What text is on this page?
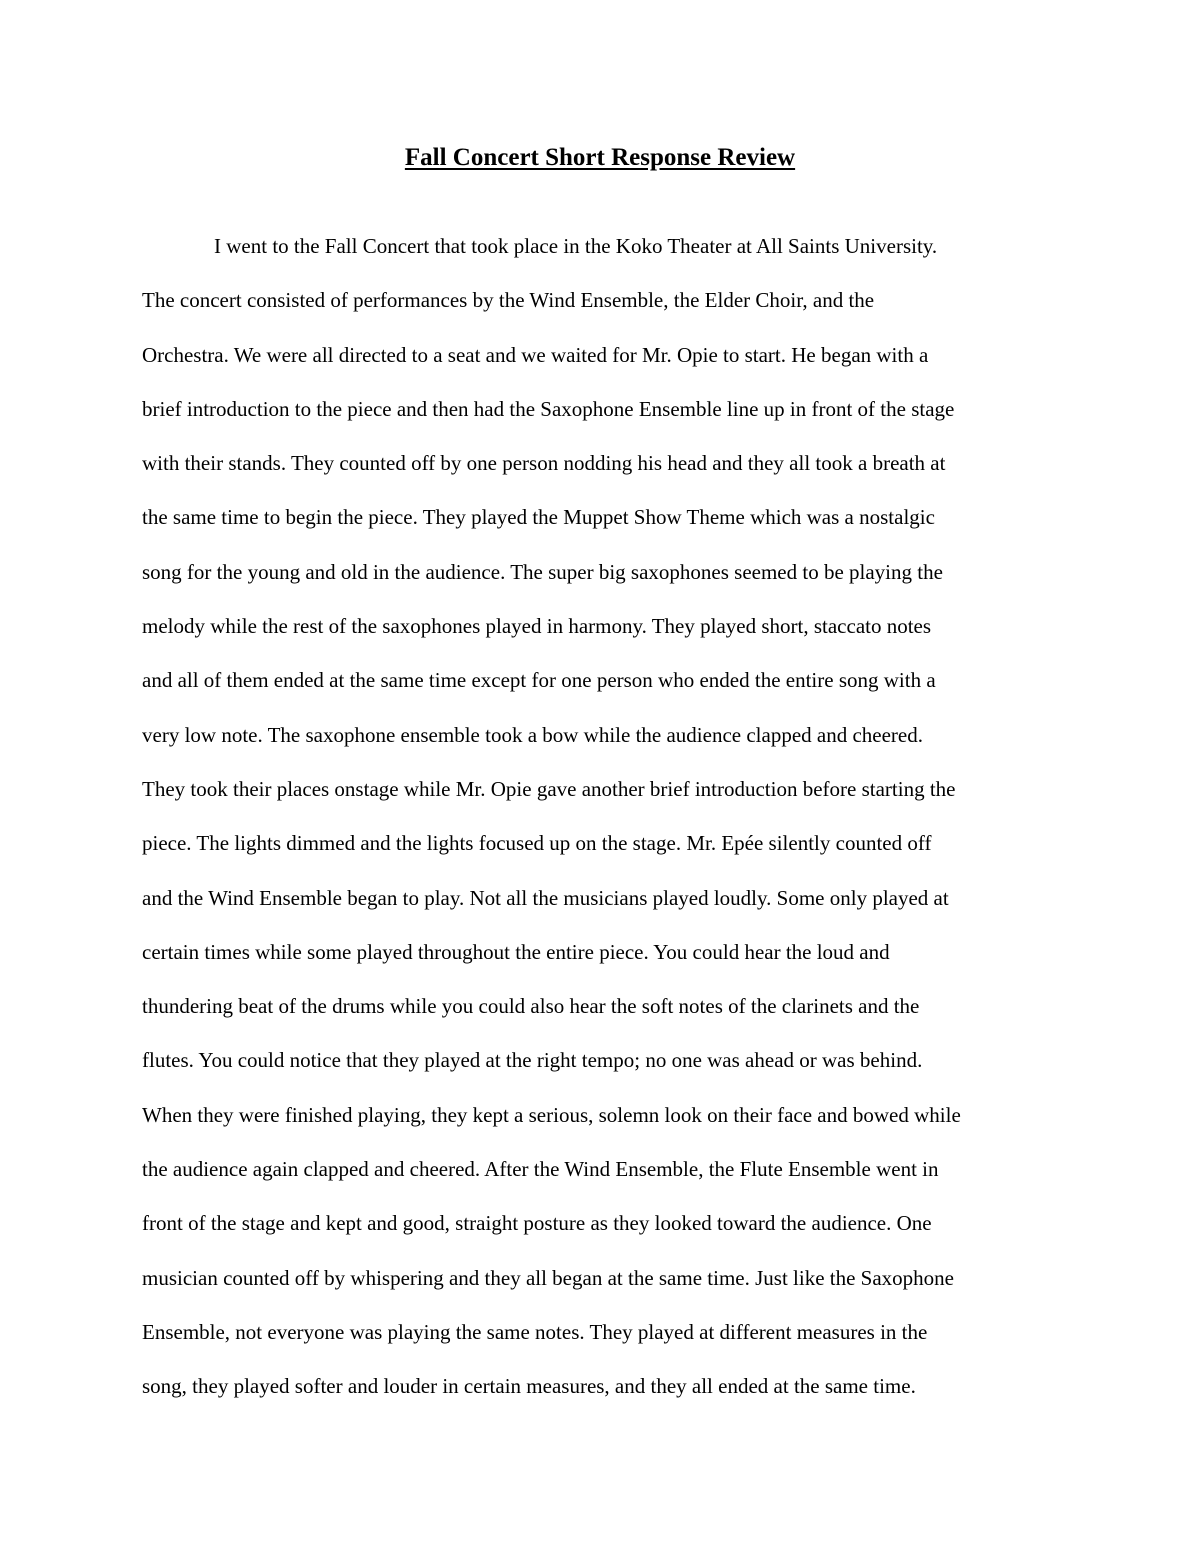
Fall Concert Short Response Review
I went to the Fall Concert that took place in the Koko Theater at All Saints University.
The concert consisted of performances by the Wind Ensemble, the Elder Choir, and the
Orchestra. We were all directed to a seat and we waited for Mr. Opie to start. He began with a
brief introduction to the piece and then had the Saxophone Ensemble line up in front of the stage
with their stands. They counted off by one person nodding his head and they all took a breath at
the same time to begin the piece. They played the Muppet Show Theme which was a nostalgic
song for the young and old in the audience. The super big saxophones seemed to be playing the
melody while the rest of the saxophones played in harmony. They played short, staccato notes
and all of them ended at the same time except for one person who ended the entire song with a
very low note. The saxophone ensemble took a bow while the audience clapped and cheered.
They took their places onstage while Mr. Opie gave another brief introduction before starting the
piece. The lights dimmed and the lights focused up on the stage. Mr. Epée silently counted off
and the Wind Ensemble began to play. Not all the musicians played loudly. Some only played at
certain times while some played throughout the entire piece. You could hear the loud and
thundering beat of the drums while you could also hear the soft notes of the clarinets and the
flutes. You could notice that they played at the right tempo; no one was ahead or was behind.
When they were finished playing, they kept a serious, solemn look on their face and bowed while
the audience again clapped and cheered. After the Wind Ensemble, the Flute Ensemble went in
front of the stage and kept and good, straight posture as they looked toward the audience. One
musician counted off by whispering and they all began at the same time. Just like the Saxophone
Ensemble, not everyone was playing the same notes. They played at different measures in the
song, they played softer and louder in certain measures, and they all ended at the same time.
